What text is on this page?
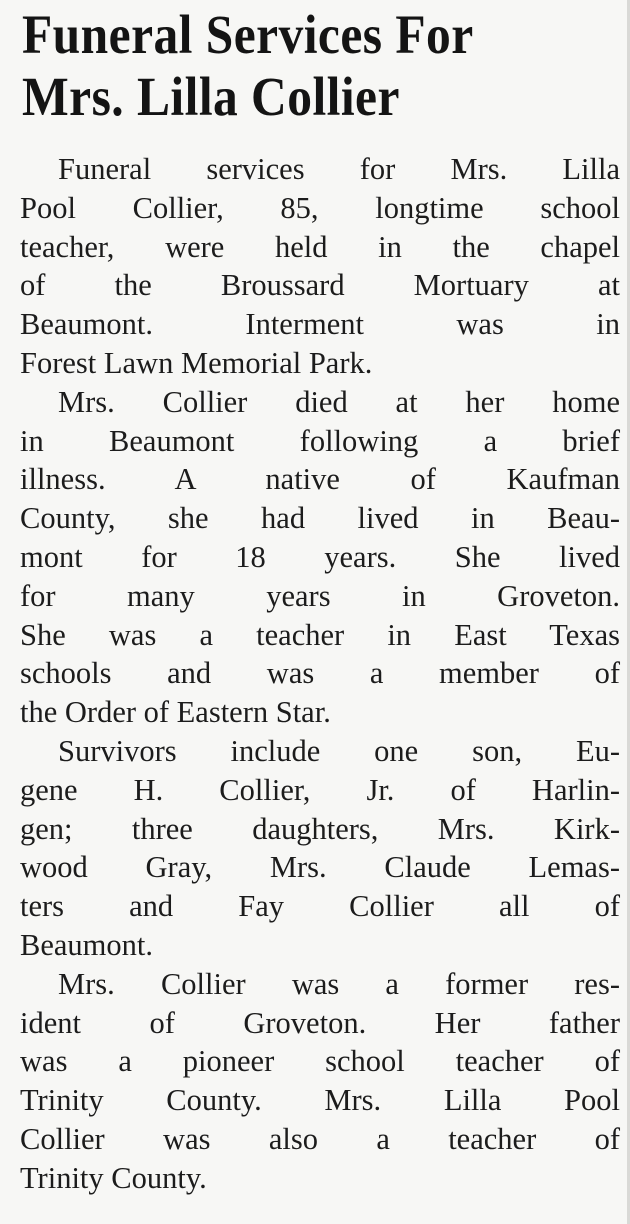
Funeral Services For
Mrs. Lilla Collier
Funeral services for Mrs. Lilla
Pool Collier, 85, longtime school
teacher, were held in the chapel
of the Broussard Mortuary at
Beaumont. Interment was in
Forest Lawn Memorial Park.
Mrs. Collier died at her home
in Beaumont following a brief
illness. A native of Kaufman
County, she had lived in Beau-
mont for 18 years. She lived
for many years in Groveton.
She was a teacher in East Texas
schools and was a member of
the Order of Eastern Star.
Survivors include one son, Eu-
gene H. Collier, Jr. of Harlin-
gen; three daughters, Mrs. Kirk-
wood Gray, Mrs. Claude Lemas-
ters and Fay Collier all of
Beaumont.
Mrs. Collier was a former res-
ident of Groveton. Her father
was a pioneer school teacher of
Trinity County. Mrs. Lilla Pool
Collier was also a teacher of
Trinity County.
